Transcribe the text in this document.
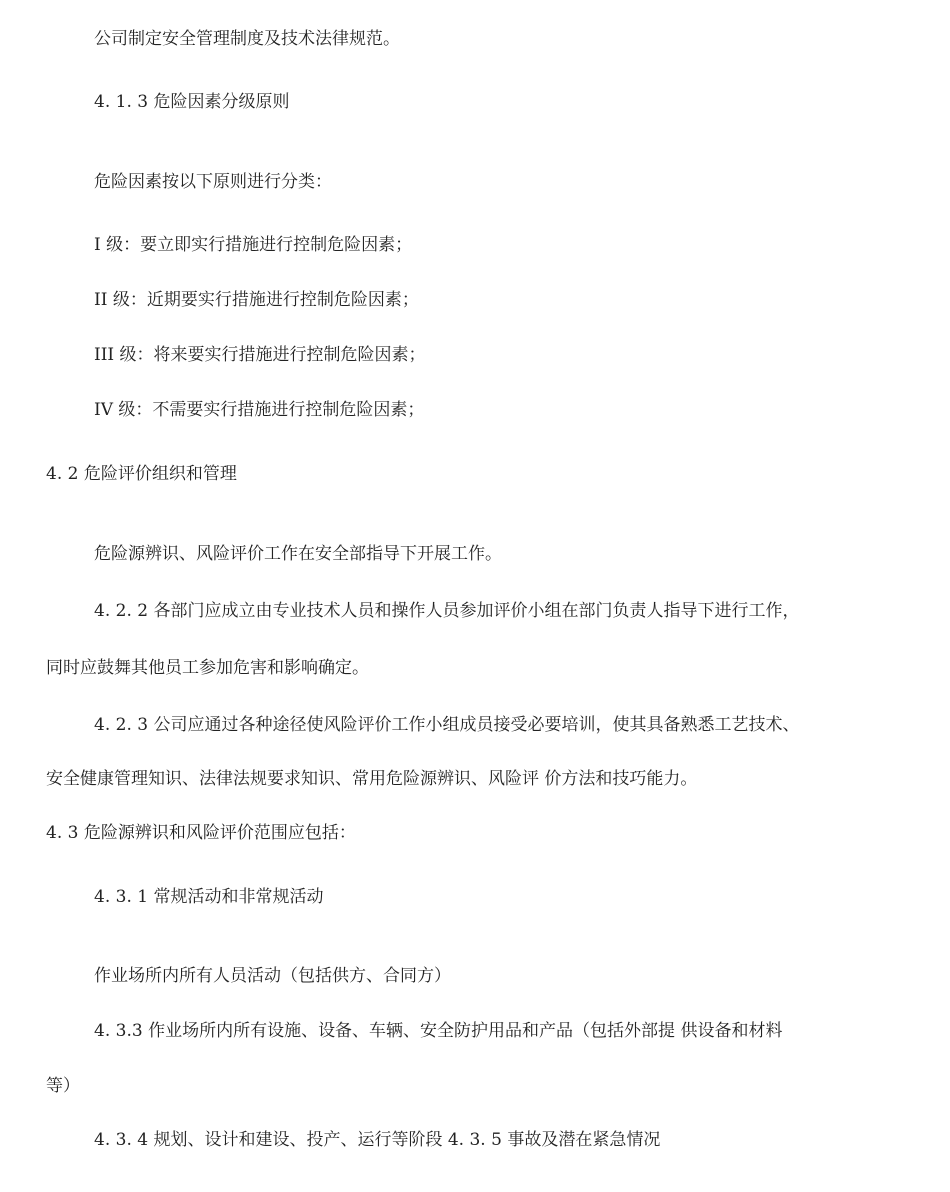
公司制定安全管理制度及技术法律规范。
4. 1. 3 危险因素分级原则
危险因素按以下原则进行分类：
I 级：要立即实行措施进行控制危险因素；
II 级：近期要实行措施进行控制危险因素；
III 级：将来要实行措施进行控制危险因素；
IV 级：不需要实行措施进行控制危险因素；
4. 2 危险评价组织和管理
危险源辨识、风险评价工作在安全部指导下开展工作。
4. 2. 2 各部门应成立由专业技术人员和操作人员参加评价小组在部门负责人指导下进行工作，
同时应鼓舞其他员工参加危害和影响确定。
4. 2. 3 公司应通过各种途径使风险评价工作小组成员接受必要培训，使其具备熟悉工艺技术、
安全健康管理知识、法律法规要求知识、常用危险源辨识、风险评 价方法和技巧能力。
4. 3 危险源辨识和风险评价范围应包括：
4. 3. 1 常规活动和非常规活动
作业场所内所有人员活动（包括供方、合同方）
4. 3.3 作业场所内所有设施、设备、车辆、安全防护用品和产品（包括外部提 供设备和材料
等）
4. 3. 4 规划、设计和建设、投产、运行等阶段 4. 3. 5 事故及潜在紧急情况
